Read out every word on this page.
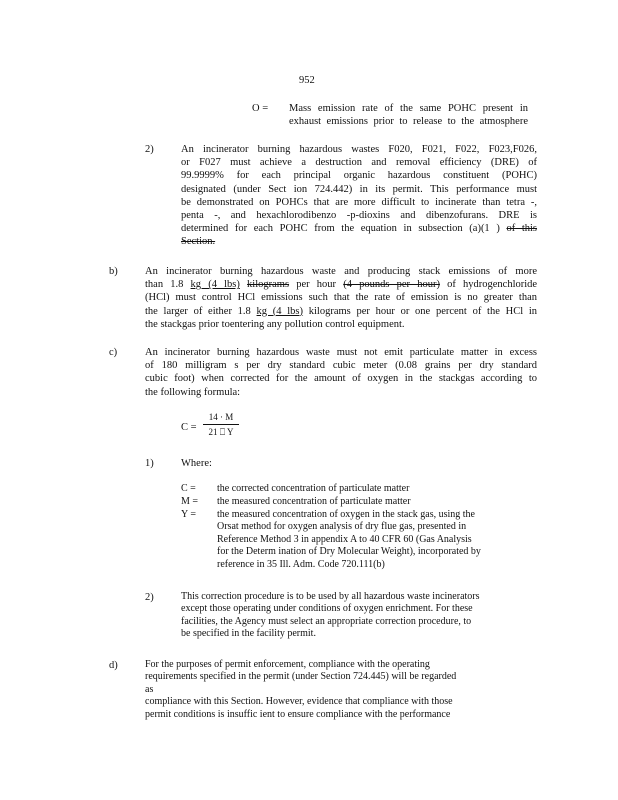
952
O = Mass emission rate of the same POHC present in
exhaust emissions prior to release to the atmosphere
2)	An incinerator burning hazardous wastes F020, F021, F022, F023,F026,
or F027 must achieve a destruction and removal efficiency (DRE) of
99.9999% for each principal organic hazardous constituent (POHC)
designated (under Sect ion 724.442) in its permit. This performance must
be demonstrated on POHCs that are more difficult to incinerate than tetra -,
penta -, and hexachlorodibenzo -p-dioxins and dibenzofurans. DRE is
determined for each POHC from the equation in subsection (a)(1 ) of this
Section.
b)	An incinerator burning hazardous waste and producing stack emissions of more
than 1.8 kg (4 lbs) kilograms per hour (4 pounds per hour) of hydrogenchloride
(HCl) must control HCl emissions such that the rate of emission is no greater than
the larger of either 1.8 kg (4 lbs) kilograms per hour or one percent of the HCl in
the stackgas prior toentering any pollution control equipment.
c)	An incinerator burning hazardous waste must not emit particulate matter in excess
of 180 milligram s per dry standard cubic meter (0.08 grains per dry standard
cubic foot) when corrected for the amount of oxygen in the stackgas according to
the following formula:
C =
14 · M
21 ⎕ Y
1)	Where:
C = the corrected concentration of particulate matter
M = the measured concentration of particulate matter
Y = the measured concentration of oxygen in the stack gas, using the
Orsat method for oxygen analysis of dry flue gas, presented in
Reference Method 3 in appendix A to 40 CFR 60 (Gas Analysis
for the Determ ination of Dry Molecular Weight), incorporated by
reference in 35 Ill. Adm. Code 720.111(b)
2)	This correction procedure is to be used by all hazardous waste incinerators
except those operating under conditions of oxygen enrichment. For these
facilities, the Agency must select an appropriate correction procedure, to
be specified in the facility permit.
d)	For the purposes of permit enforcement, compliance with the operating
requirements specified in the permit (under Section 724.445) will be regarded as
compliance with this Section. However, evidence that compliance with those
permit conditions is insuffic ient to ensure compliance with the performance
